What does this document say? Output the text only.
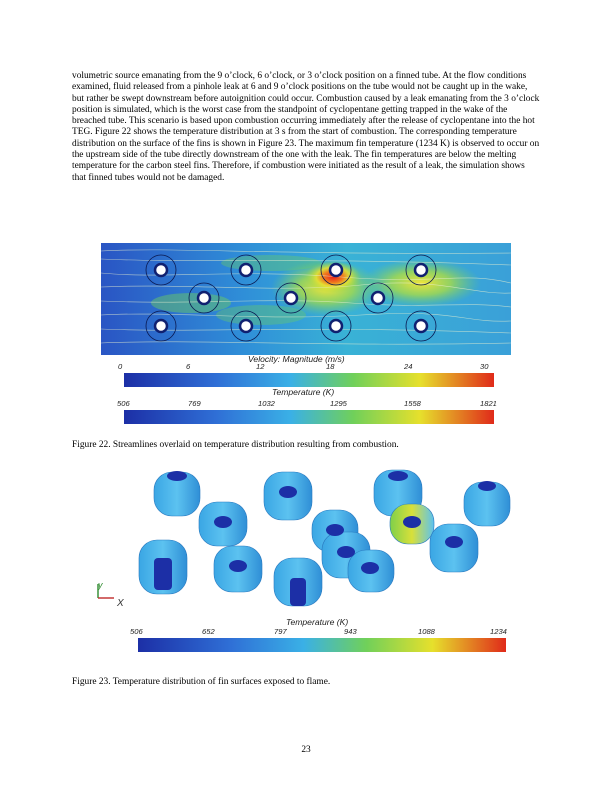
volumetric source emanating from the 9 o’clock, 6 o’clock, or 3 o’clock position on a finned tube. At the flow conditions examined, fluid released from a pinhole leak at 6 and 9 o’clock positions on the tube would not be caught up in the wake, but rather be swept downstream before autoignition could occur. Combustion caused by a leak emanating from the 3 o’clock position is simulated, which is the worst case from the standpoint of cyclopentane getting trapped in the wake of the breached tube. This scenario is based upon combustion occurring immediately after the release of cyclopentane into the hot TEG. Figure 22 shows the temperature distribution at 3 s from the start of combustion. The corresponding temperature distribution on the surface of the fins is shown in Figure 23. The maximum fin temperature (1234 K) is observed to occur on the upstream side of the tube directly downstream of the one with the leak. The fin temperatures are below the melting temperature for the carbon steel fins. Therefore, if combustion were initiated as the result of a leak, the simulation shows that finned tubes would not be damaged.

Velocity: Magnitude (m/s)
0	6	12	18	24	30
Temperature (K)
506	769	1032	1295	1558	1821
Figure 22. Streamlines overlaid on temperature distribution resulting from combustion.
y
X
Temperature (K)
506	652	797	943	1088	1234
Figure 23. Temperature distribution of fin surfaces exposed to flame.
23
